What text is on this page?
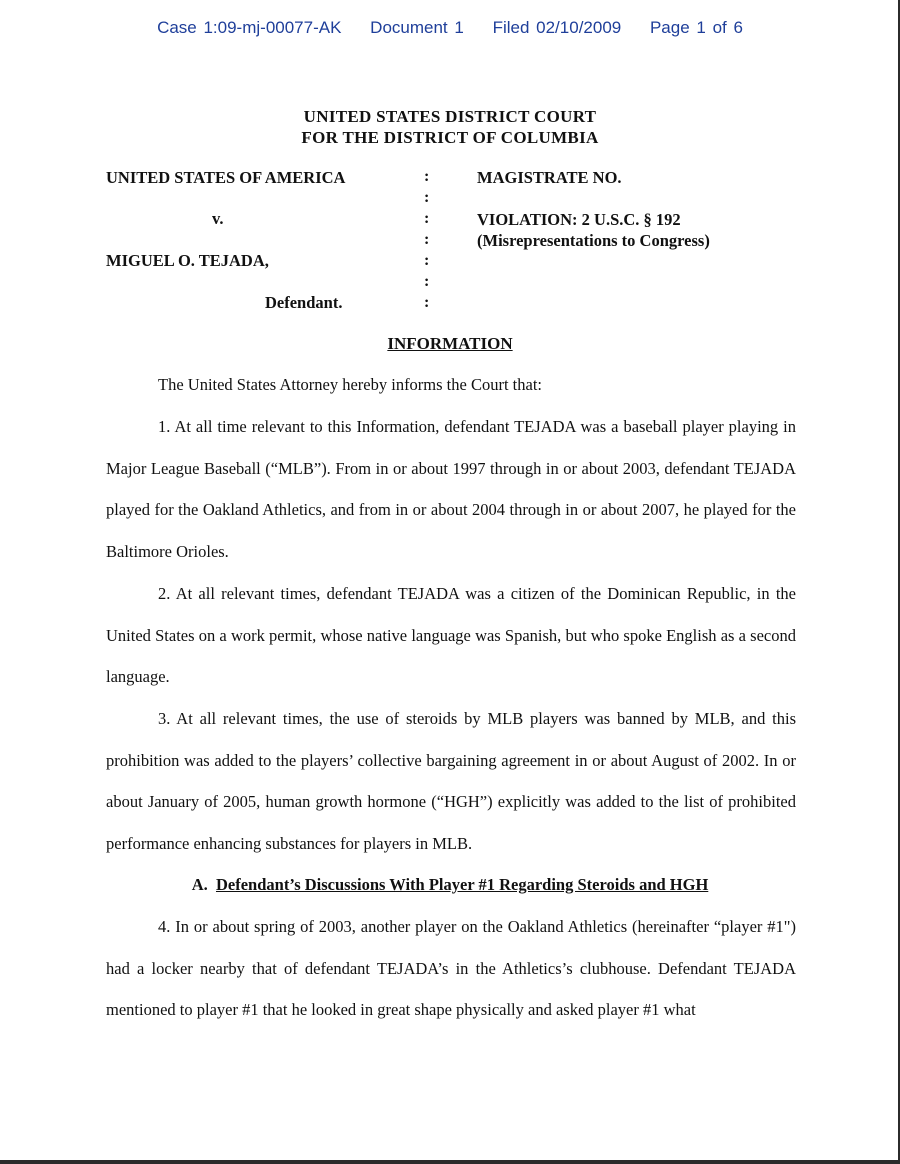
Case 1:09-mj-00077-AK Document 1 Filed 02/10/2009 Page 1 of 6
UNITED STATES DISTRICT COURT
FOR THE DISTRICT OF COLUMBIA
UNITED STATES OF AMERICA
v.
MIGUEL O. TEJADA,
Defendant.
:
:
:
:
:
:
:
MAGISTRATE NO.
VIOLATION: 2 U.S.C. § 192
(Misrepresentations to Congress)
INFORMATION
The United States Attorney hereby informs the Court that:
1. At all time relevant to this Information, defendant TEJADA was a baseball player playing in Major League Baseball (“MLB”). From in or about 1997 through in or about 2003, defendant TEJADA played for the Oakland Athletics, and from in or about 2004 through in or about 2007, he played for the Baltimore Orioles.
2. At all relevant times, defendant TEJADA was a citizen of the Dominican Republic, in the United States on a work permit, whose native language was Spanish, but who spoke English as a second language.
3. At all relevant times, the use of steroids by MLB players was banned by MLB, and this prohibition was added to the players’ collective bargaining agreement in or about August of 2002. In or about January of 2005, human growth hormone (“HGH”) explicitly was added to the list of prohibited performance enhancing substances for players in MLB.
A. Defendant’s Discussions With Player #1 Regarding Steroids and HGH
4. In or about spring of 2003, another player on the Oakland Athletics (hereinafter “player #1") had a locker nearby that of defendant TEJADA’s in the Athletics’s clubhouse. Defendant TEJADA mentioned to player #1 that he looked in great shape physically and asked player #1 what
